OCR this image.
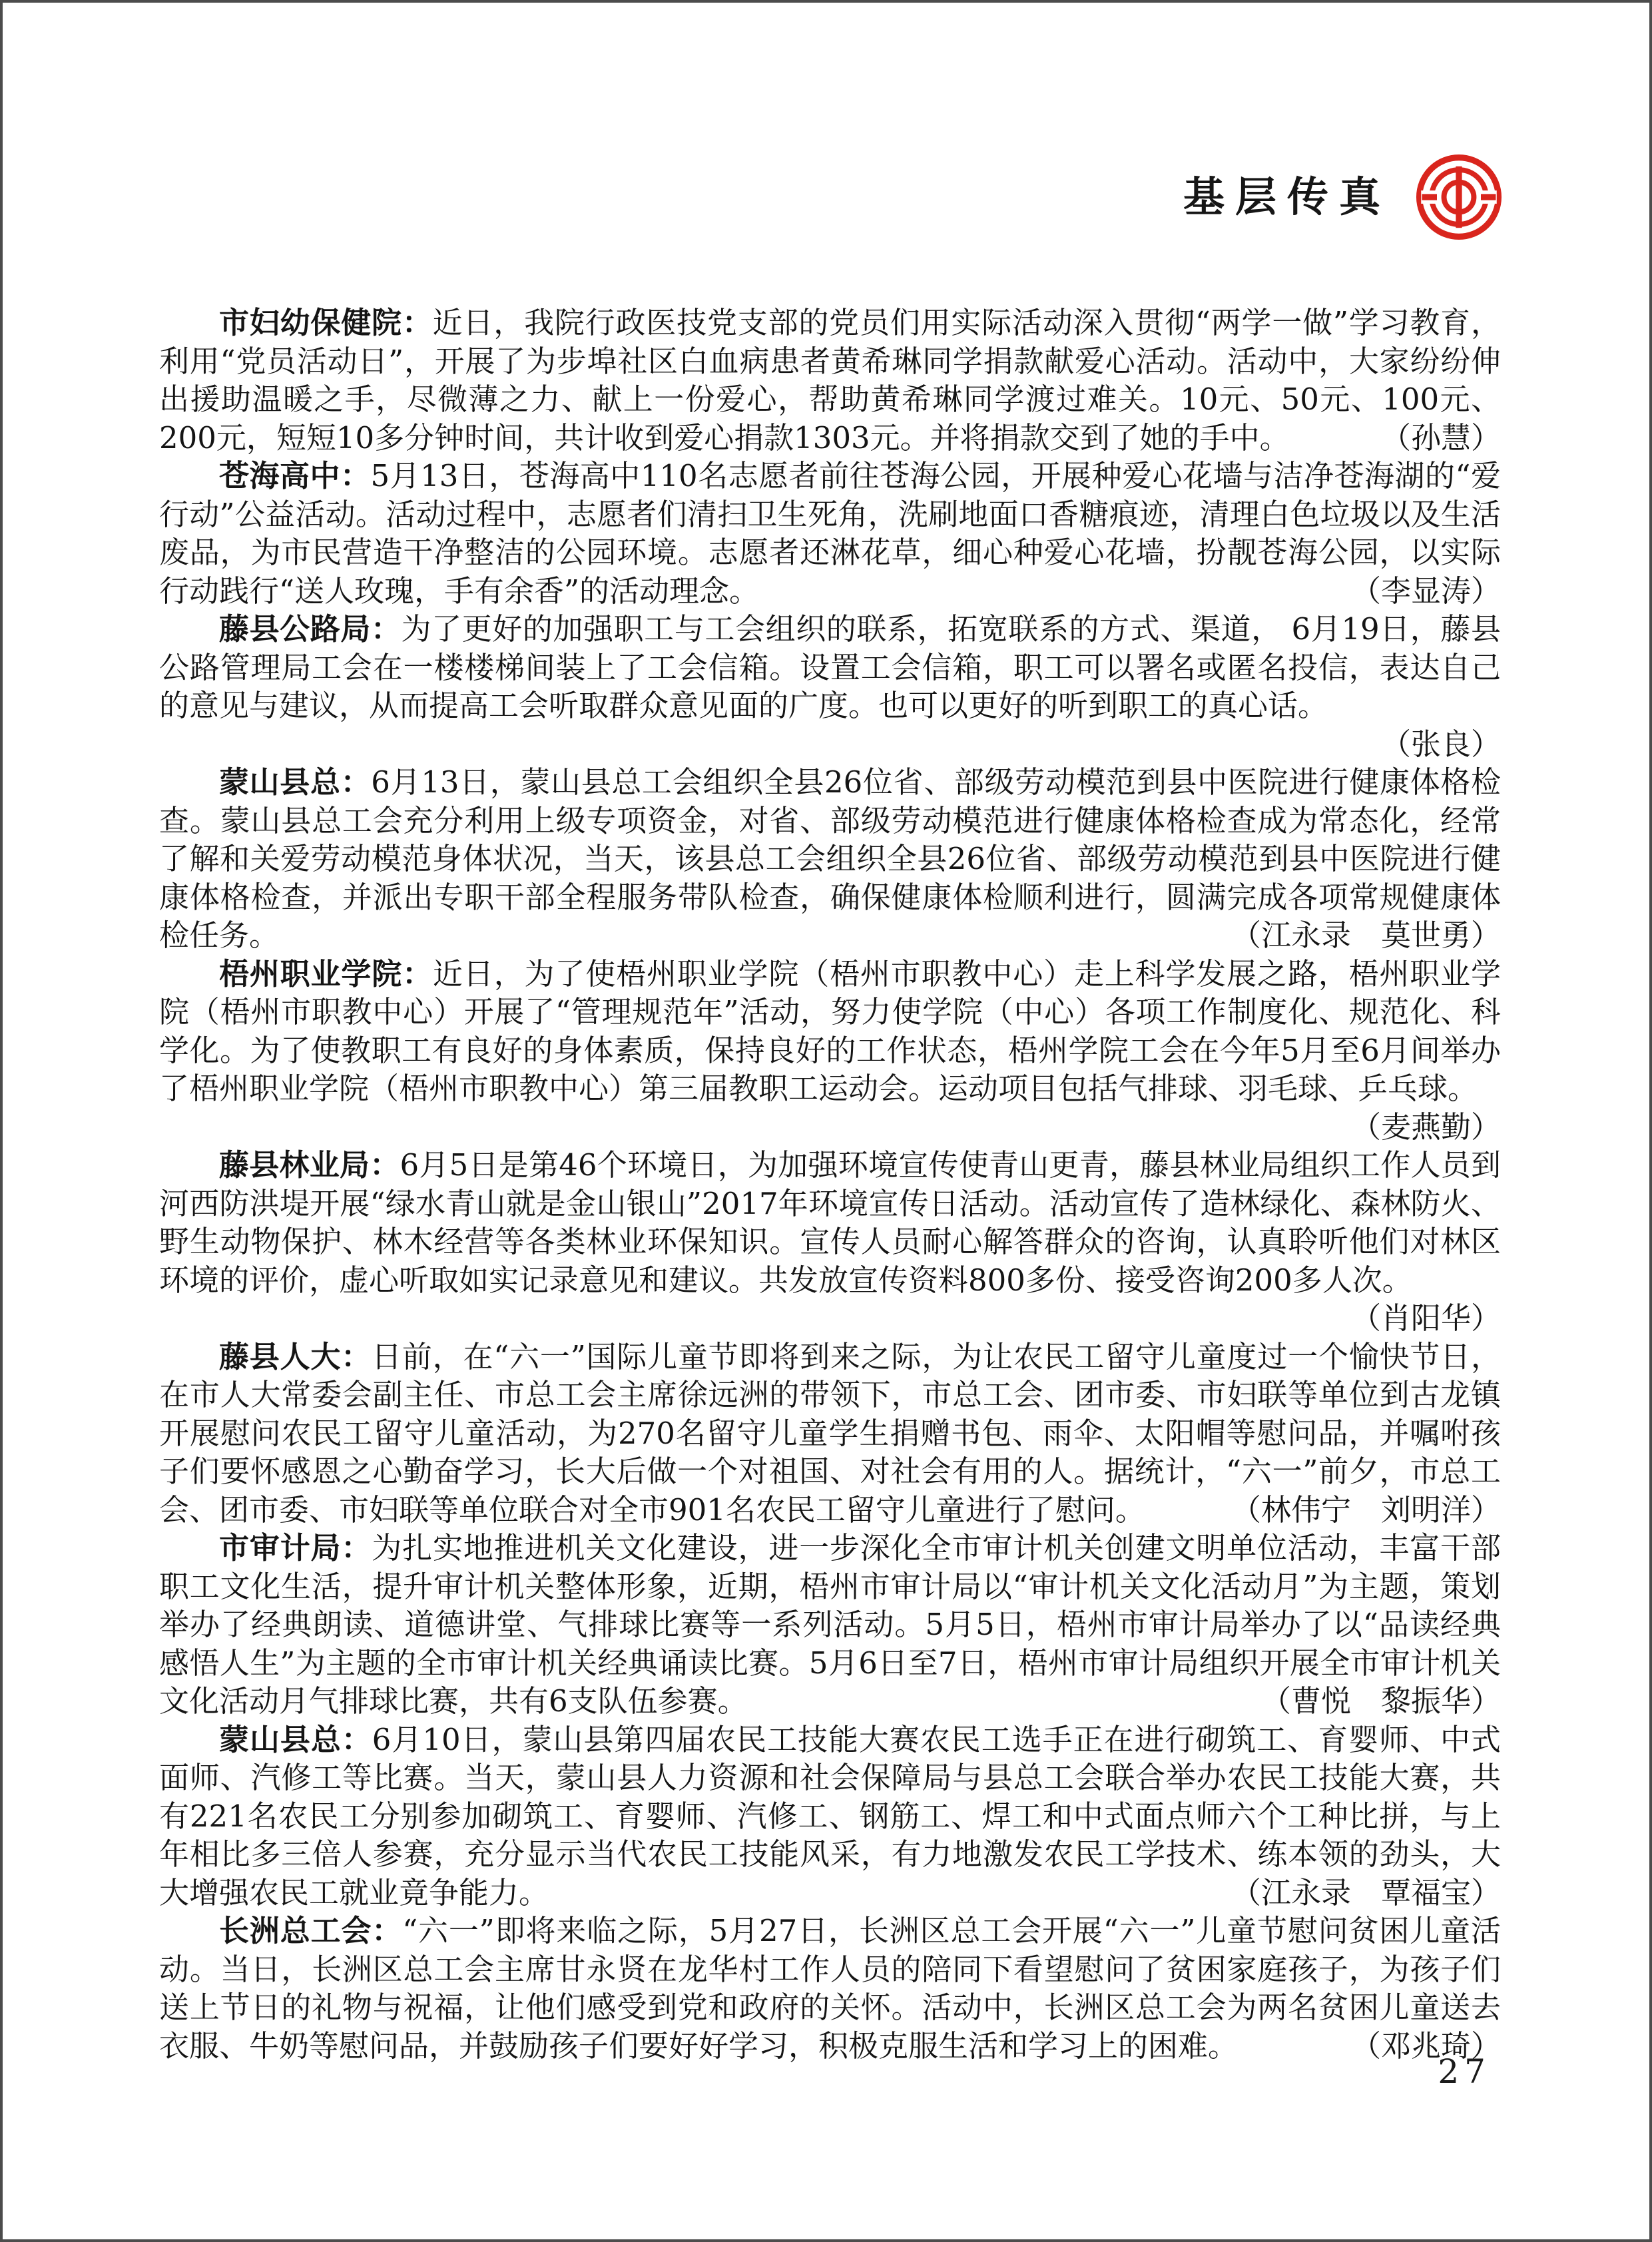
基层传真

市妇幼保健院：近日，我院行政医技党支部的党员们用实际活动深入贯彻“两学一做”学习教育，利用“党员活动日”，开展了为步埠社区白血病患者黄希琳同学捐款献爱心活动。活动中，大家纷纷伸出援助温暖之手，尽微薄之力、献上一份爱心，帮助黄希琳同学渡过难关。10元、50元、100元、200元，短短10多分钟时间，共计收到爱心捐款1303元。并将捐款交到了她的手中。	（孙慧）

苍海高中：5月13日，苍海高中110名志愿者前往苍海公园，开展种爱心花墙与洁净苍海湖的“爱行动”公益活动。活动过程中，志愿者们清扫卫生死角，洗刷地面口香糖痕迹，清理白色垃圾以及生活废品，为市民营造干净整洁的公园环境。志愿者还淋花草，细心种爱心花墙，扮靓苍海公园，以实际行动践行“送人玫瑰，手有余香”的活动理念。	（李显涛）

藤县公路局：为了更好的加强职工与工会组织的联系，拓宽联系的方式、渠道， 6月19日，藤县公路管理局工会在一楼楼梯间装上了工会信箱。设置工会信箱，职工可以署名或匿名投信，表达自己的意见与建议，从而提高工会听取群众意见面的广度。也可以更好的听到职工的真心话。
（张良）

蒙山县总：6月13日，蒙山县总工会组织全县26位省、部级劳动模范到县中医院进行健康体格检查。蒙山县总工会充分利用上级专项资金，对省、部级劳动模范进行健康体格检查成为常态化，经常了解和关爱劳动模范身体状况，当天，该县总工会组织全县26位省、部级劳动模范到县中医院进行健康体格检查，并派出专职干部全程服务带队检查，确保健康体检顺利进行，圆满完成各项常规健康体检任务。	（江永录　莫世勇）

梧州职业学院：近日，为了使梧州职业学院（梧州市职教中心）走上科学发展之路，梧州职业学院（梧州市职教中心）开展了“管理规范年”活动，努力使学院（中心）各项工作制度化、规范化、科学化。为了使教职工有良好的身体素质，保持良好的工作状态，梧州学院工会在今年5月至6月间举办了梧州职业学院（梧州市职教中心）第三届教职工运动会。运动项目包括气排球、羽毛球、乒乓球。
（麦燕勤）

藤县林业局：6月5日是第46个环境日，为加强环境宣传使青山更青，藤县林业局组织工作人员到河西防洪堤开展“绿水青山就是金山银山”2017年环境宣传日活动。活动宣传了造林绿化、森林防火、野生动物保护、林木经营等各类林业环保知识。宣传人员耐心解答群众的咨询，认真聆听他们对林区环境的评价，虚心听取如实记录意见和建议。共发放宣传资料800多份、接受咨询200多人次。
（肖阳华）

藤县人大：日前，在“六一”国际儿童节即将到来之际，为让农民工留守儿童度过一个愉快节日，在市人大常委会副主任、市总工会主席徐远洲的带领下，市总工会、团市委、市妇联等单位到古龙镇开展慰问农民工留守儿童活动，为270名留守儿童学生捐赠书包、雨伞、太阳帽等慰问品，并嘱咐孩子们要怀感恩之心勤奋学习，长大后做一个对祖国、对社会有用的人。据统计，“六一”前夕，市总工会、团市委、市妇联等单位联合对全市901名农民工留守儿童进行了慰问。	（林伟宁　刘明洋）

市审计局：为扎实地推进机关文化建设，进一步深化全市审计机关创建文明单位活动，丰富干部职工文化生活，提升审计机关整体形象，近期，梧州市审计局以“审计机关文化活动月”为主题，策划举办了经典朗读、道德讲堂、气排球比赛等一系列活动。5月5日，梧州市审计局举办了以“品读经典感悟人生”为主题的全市审计机关经典诵读比赛。5月6日至7日，梧州市审计局组织开展全市审计机关文化活动月气排球比赛，共有6支队伍参赛。	（曹悦　黎振华）

蒙山县总：6月10日，蒙山县第四届农民工技能大赛农民工选手正在进行砌筑工、育婴师、中式面师、汽修工等比赛。当天，蒙山县人力资源和社会保障局与县总工会联合举办农民工技能大赛，共有221名农民工分别参加砌筑工、育婴师、汽修工、钢筋工、焊工和中式面点师六个工种比拼，与上年相比多三倍人参赛，充分显示当代农民工技能风采，有力地激发农民工学技术、练本领的劲头，大大增强农民工就业竟争能力。	（江永录　覃福宝）

长洲总工会：“六一”即将来临之际，5月27日，长洲区总工会开展“六一”儿童节慰问贫困儿童活动。当日，长洲区总工会主席甘永贤在龙华村工作人员的陪同下看望慰问了贫困家庭孩子，为孩子们送上节日的礼物与祝福，让他们感受到党和政府的关怀。活动中，长洲区总工会为两名贫困儿童送去衣服、牛奶等慰问品，并鼓励孩子们要好好学习，积极克服生活和学习上的困难。	（邓兆琦）

27
